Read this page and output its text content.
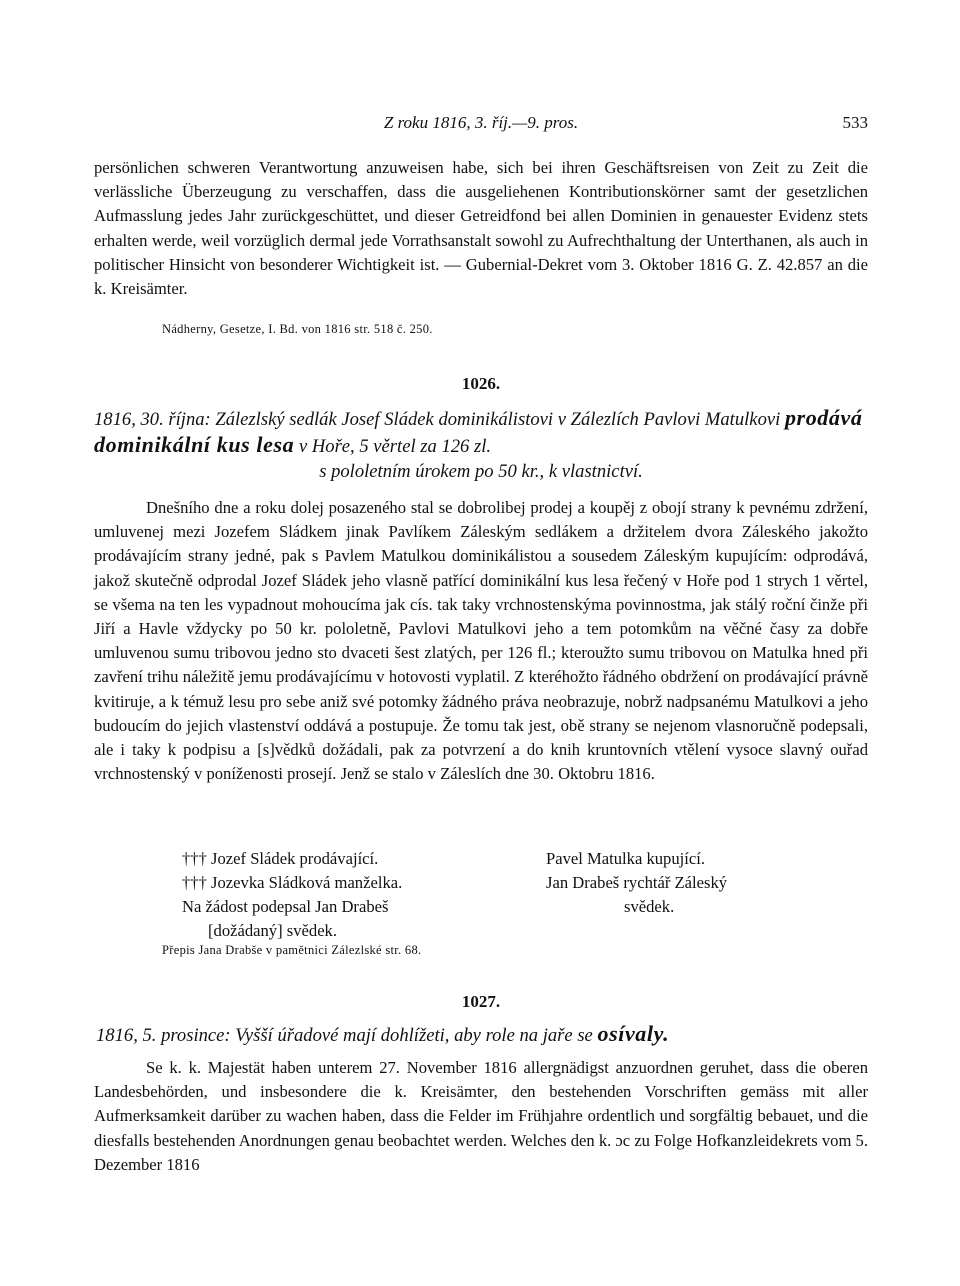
Z roku 1816, 3. říj.—9. pros.	533

persönlichen schweren Verantwortung anzuweisen habe, sich bei ihren Geschäftsreisen von Zeit zu Zeit die verlässliche Überzeugung zu verschaffen, dass die ausgeliehenen Kontributionskörner samt der gesetzlichen Aufmasslung jedes Jahr zurückgeschüttet, und dieser Getreidfond bei allen Dominien in genauester Evidenz stets erhalten werde, weil vorzüglich dermal jede Vorrathsanstalt sowohl zu Aufrechthaltung der Unterthanen, als auch in politischer Hinsicht von besonderer Wichtigkeit ist. — Gubernial-Dekret vom 3. Oktober 1816 G. Z. 42.857 an die k. Kreisämter.

Nádherny, Gesetze, I. Bd. von 1816 str. 518 č. 250.
1026.
1816, 30. října: Zálezlský sedlák Josef Sládek dominikálistovi v Zálezlích Pavlovi Matulkovi prodává dominikální kus lesa v Hoře, 5 věrtel za 126 zl.
s pololetním úrokem po 50 kr., k vlastnictví.

Dnešního dne a roku dolej posazeného stal se dobrolibej prodej a koupěj z obojí strany k pevnému zdržení, umluvenej mezi Jozefem Sládkem jinak Pavlíkem Záleským sedlákem a držitelem dvora Záleského jakožto prodávajícím strany jedné, pak s Pavlem Matulkou dominikálistou a sousedem Záleským kupujícím: odprodává, jakož skutečně odprodal Jozef Sládek jeho vlasně patřící dominikální kus lesa řečený v Hoře pod 1 strych 1 věrtel, se všema na ten les vypadnout mohoucíma jak cís. tak taky vrchnostenskýma povinnostma, jak stálý roční činže při Jiří a Havle vždycky po 50 kr. pololetně, Pavlovi Matulkovi jeho a tem potomkům na věčné časy za dobře umluvenou sumu tribovou jedno sto dvaceti šest zlatých, per 126 fl.; kteroužto sumu tribovou on Matulka hned při zavření trihu náležitě jemu prodávajícímu v hotovosti vyplatil. Z kteréhožto řádného obdržení on prodávající právně kvitiruje, a k témuž lesu pro sebe aniž své potomky žádného práva neobrazuje, nobrž nadpsanému Matulkovi a jeho budoucím do jejich vlastenství oddává a postupuje. Že tomu tak jest, obě strany se nejenom vlasnoručně podepsali, ale i taky k podpisu a [s]vědků dožádali, pak za potvrzení a do knih kruntovních vtělení vysoce slavný ouřad vrchnostenský v poníženosti prosejí. Jenž se stalo v Záleslích dne 30. Oktobru 1816.

††† Jozef Sládek prodávající.
††† Jozevka Sládková manželka.
Na žádost podepsal Jan Drabeš
[dožádaný] svědek.
Pavel Matulka kupující.
Jan Drabeš rychtář Záleský
svědek.
Přepis Jana Drabše v pamětnici Zálezlské str. 68.
1027.
1816, 5. prosince: Vyšší úřadové mají dohlížeti, aby role na jaře se osívaly.

Se k. k. Majestät haben unterem 27. November 1816 allergnädigst anzuordnen geruhet, dass die oberen Landesbehörden, und insbesondere die k. Kreisämter, den bestehenden Vorschriften gemäss mit aller Aufmerksamkeit darüber zu wachen haben, dass die Felder im Frühjahre ordentlich und sorgfältig bebauet, und die diesfalls bestehenden Anordnungen genau beobachtet werden. Welches den k. ɔc zu Folge Hofkanzleidekrets vom 5. Dezember 1816
